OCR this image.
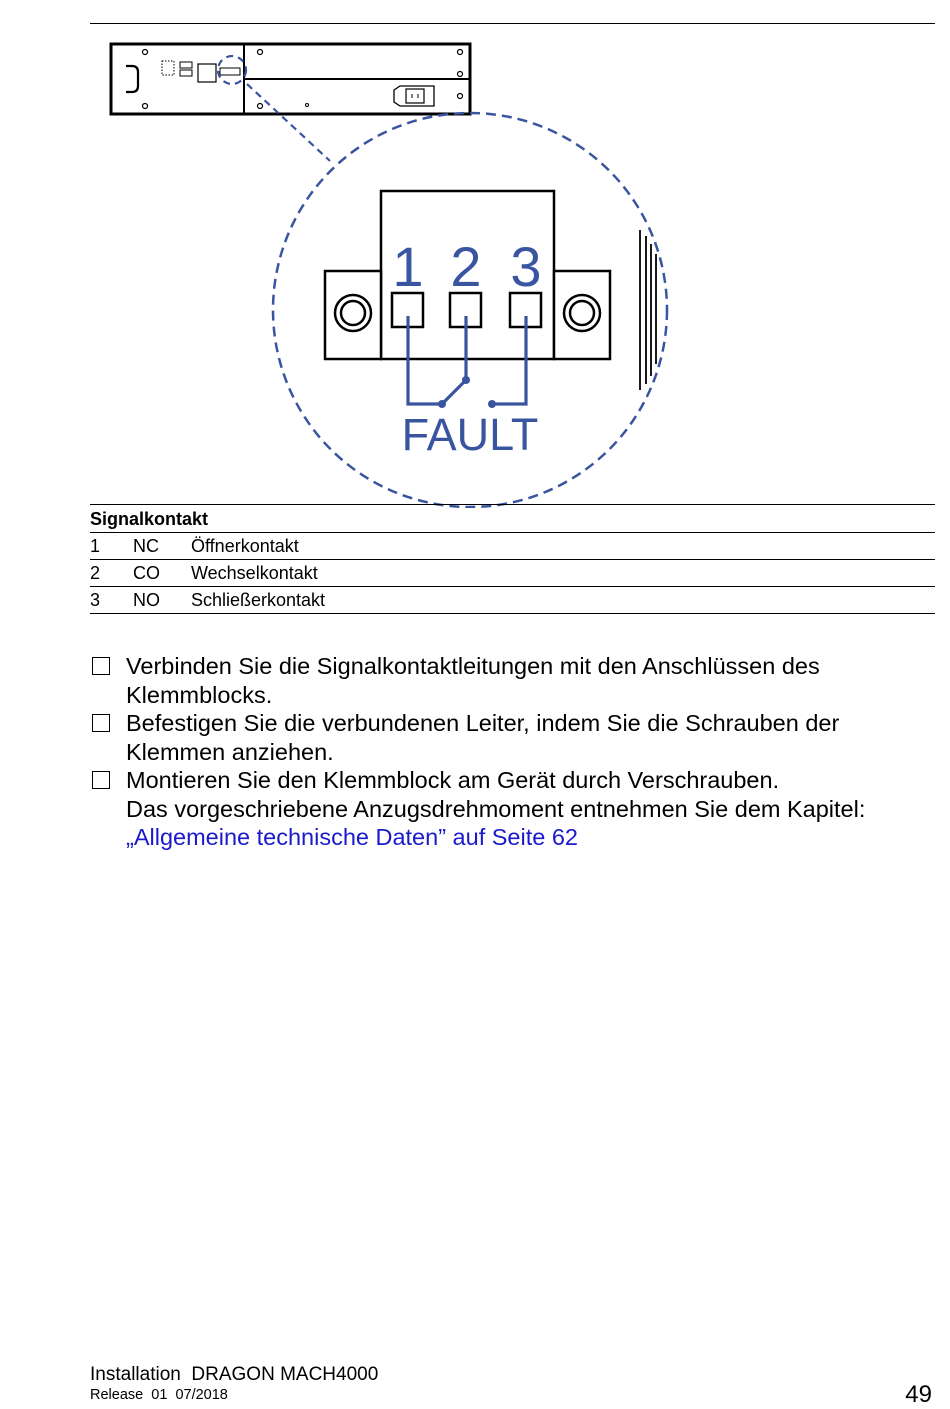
1 2 3
FAULT
Signalkontakt		
1	NC	Öffnerkontakt
2	CO	Wechselkontakt
3	NO	Schließerkontakt
Verbinden Sie die Signalkontaktleitungen mit den Anschlüssen des Klemmblocks.
Befestigen Sie die verbundenen Leiter, indem Sie die Schrauben der Klemmen anziehen.
Montieren Sie den Klemmblock am Gerät durch Verschrauben.
Das vorgeschriebene Anzugsdrehmoment entnehmen Sie dem Kapitel:
„Allgemeine technische Daten” auf Seite 62
Installation  DRAGON MACH4000
Release  01  07/2018	49
